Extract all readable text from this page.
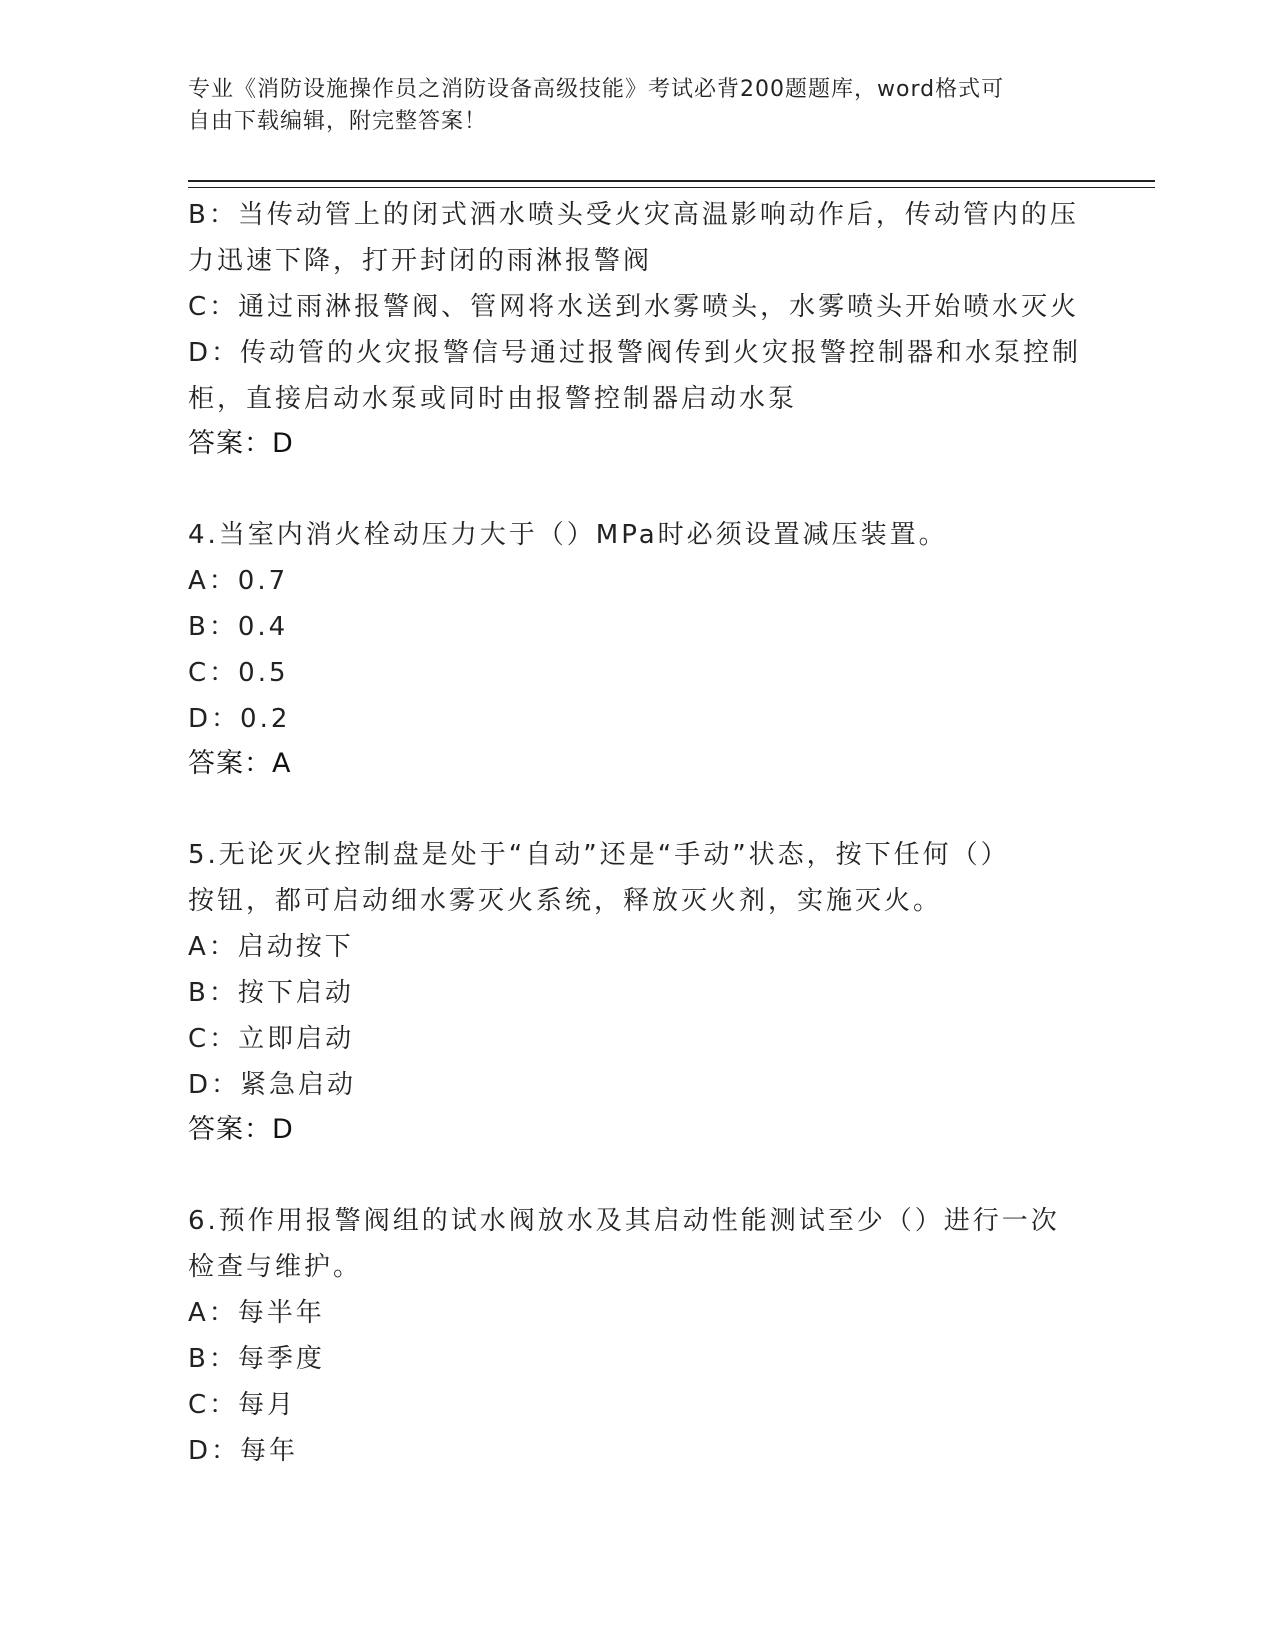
专业《消防设施操作员之消防设备高级技能》考试必背200题题库，word格式可
自由下载编辑，附完整答案！
B：当传动管上的闭式洒水喷头受火灾高温影响动作后，传动管内的压
力迅速下降，打开封闭的雨淋报警阀
C：通过雨淋报警阀、管网将水送到水雾喷头，水雾喷头开始喷水灭火
D：传动管的火灾报警信号通过报警阀传到火灾报警控制器和水泵控制
柜，直接启动水泵或同时由报警控制器启动水泵
答案：D
4.当室内消火栓动压力大于（）MPa时必须设置减压装置。
A：0.7
B：0.4
C：0.5
D：0.2
答案：A
5.无论灭火控制盘是处于“自动”还是“手动”状态，按下任何（）
按钮，都可启动细水雾灭火系统，释放灭火剂，实施灭火。
A：启动按下
B：按下启动
C：立即启动
D：紧急启动
答案：D
6.预作用报警阀组的试水阀放水及其启动性能测试至少（）进行一次
检查与维护。
A：每半年
B：每季度
C：每月
D：每年
